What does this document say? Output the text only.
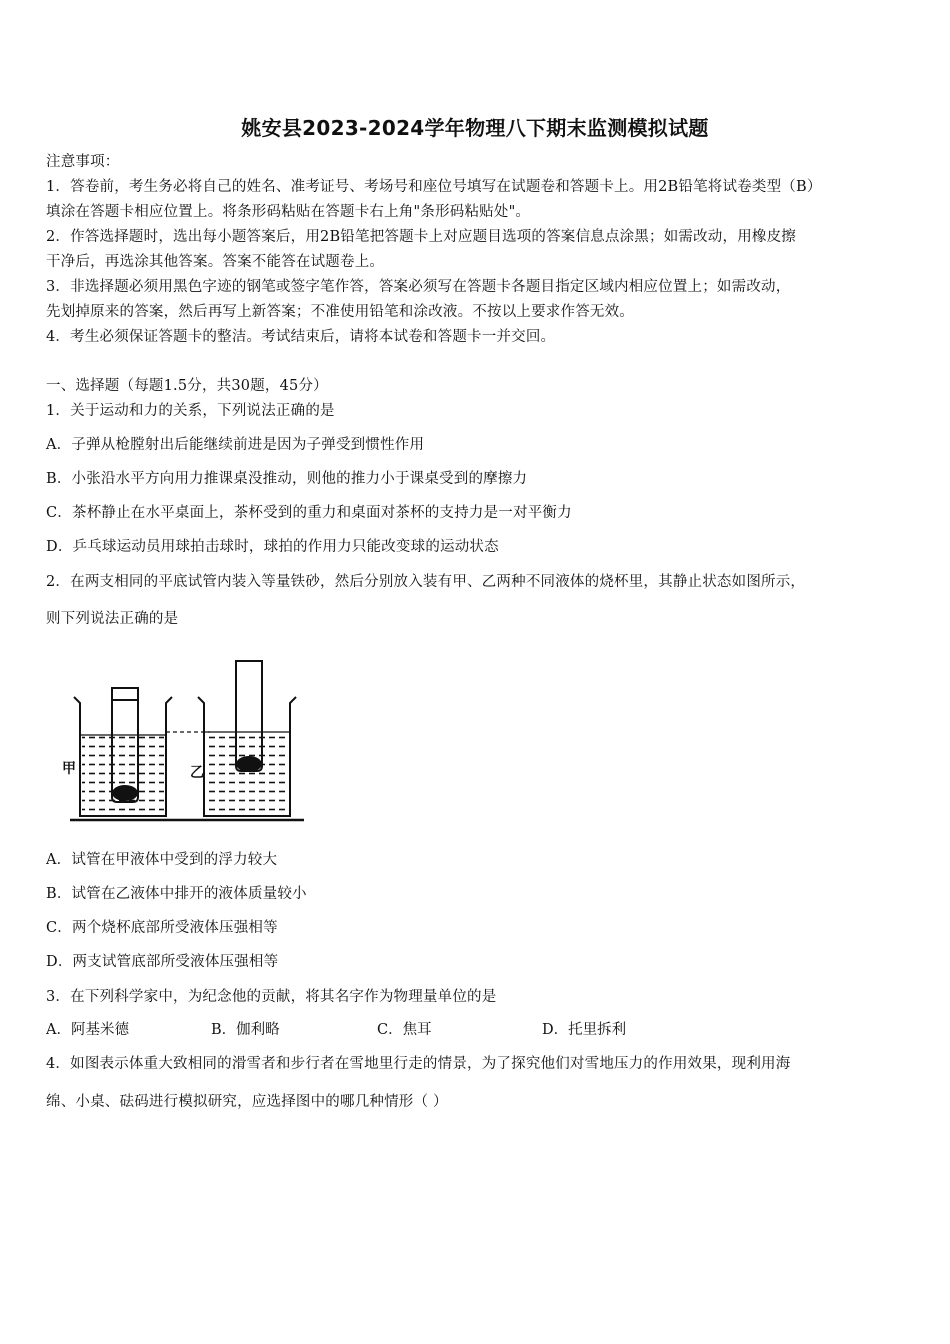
姚安县2023-2024学年物理八下期末监测模拟试题
注意事项：
1．答卷前，考生务必将自己的姓名、准考证号、考场号和座位号填写在试题卷和答题卡上。用2B铅笔将试卷类型（B）
填涂在答题卡相应位置上。将条形码粘贴在答题卡右上角"条形码粘贴处"。
2．作答选择题时，选出每小题答案后，用2B铅笔把答题卡上对应题目选项的答案信息点涂黑；如需改动，用橡皮擦
干净后，再选涂其他答案。答案不能答在试题卷上。
3．非选择题必须用黑色字迹的钢笔或签字笔作答，答案必须写在答题卡各题目指定区域内相应位置上；如需改动，
先划掉原来的答案，然后再写上新答案；不准使用铅笔和涂改液。不按以上要求作答无效。
4．考生必须保证答题卡的整洁。考试结束后，请将本试卷和答题卡一并交回。
一、选择题（每题1.5分，共30题，45分）
1．关于运动和力的关系，下列说法正确的是
A．子弹从枪膛射出后能继续前进是因为子弹受到惯性作用
B．小张沿水平方向用力推课桌没推动，则他的推力小于课桌受到的摩擦力
C．茶杯静止在水平桌面上，茶杯受到的重力和桌面对茶杯的支持力是一对平衡力
D．乒乓球运动员用球拍击球时，球拍的作用力只能改变球的运动状态
2．在两支相同的平底试管内装入等量铁砂，然后分别放入装有甲、乙两种不同液体的烧杯里，其静止状态如图所示，
则下列说法正确的是
甲	乙
A．试管在甲液体中受到的浮力较大
B．试管在乙液体中排开的液体质量较小
C．两个烧杯底部所受液体压强相等
D．两支试管底部所受液体压强相等
3．在下列科学家中，为纪念他的贡献，将其名字作为物理量单位的是
A．阿基米德	B．伽利略	C．焦耳	D．托里拆利
4．如图表示体重大致相同的滑雪者和步行者在雪地里行走的情景，为了探究他们对雪地压力的作用效果，现利用海
绵、小桌、砝码进行模拟研究，应选择图中的哪几种情形（ ）
